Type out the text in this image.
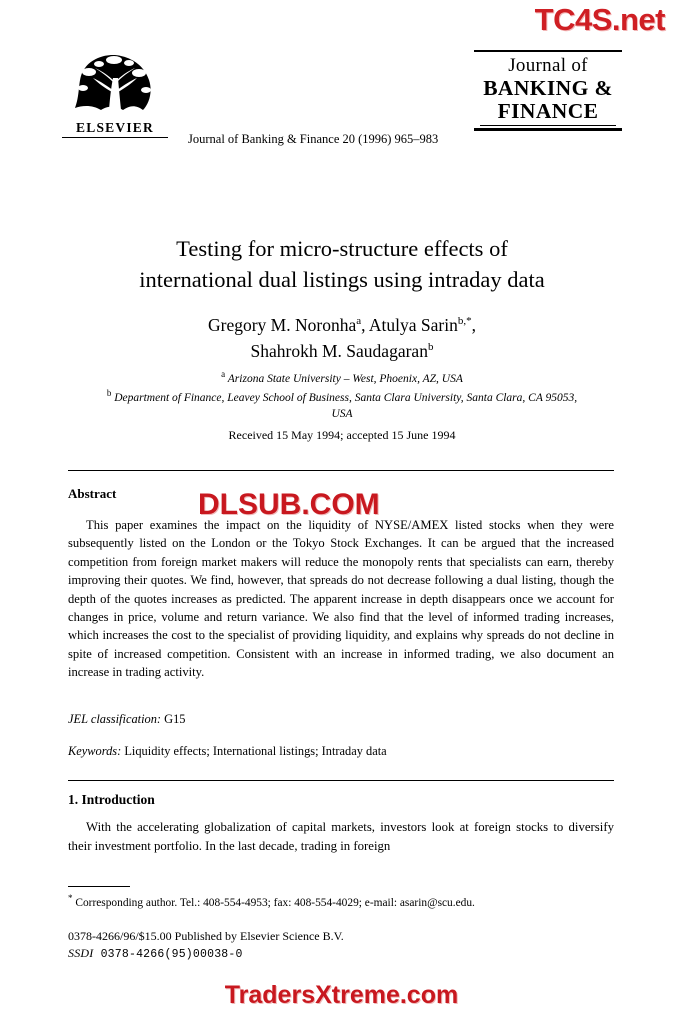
TC4S.net
ELSEVIER
Journal of Banking & Finance 20 (1996) 965–983
Journal of
BANKING &
FINANCE
Testing for micro-structure effects of
international dual listings using intraday data
Gregory M. Noronha$^a$, Atulya Sarin$^{b,*}$,
Shahrokh M. Saudagaran$^b$
$^a$ Arizona State University – West, Phoenix, AZ, USA
$^b$ Department of Finance, Leavey School of Business, Santa Clara University, Santa Clara, CA 95053,
USA
Received 15 May 1994; accepted 15 June 1994
Abstract
This paper examines the impact on the liquidity of NYSE/AMEX listed stocks when they were subsequently listed on the London or the Tokyo Stock Exchanges. It can be argued that the increased competition from foreign market makers will reduce the monopoly rents that specialists can earn, thereby improving their quotes. We find, however, that spreads do not decrease following a dual listing, though the depth of the quotes increases as predicted. The apparent increase in depth disappears once we account for changes in price, volume and return variance. We also find that the level of informed trading increases, which increases the cost to the specialist of providing liquidity, and explains why spreads do not decline in spite of increased competition. Consistent with an increase in informed trading, we also document an increase in trading activity.
JEL classification: G15
Keywords: Liquidity effects; International listings; Intraday data
1. Introduction
With the accelerating globalization of capital markets, investors look at foreign stocks to diversify their investment portfolio. In the last decade, trading in foreign
DLSUB.COM
* Corresponding author. Tel.: 408-554-4953; fax: 408-554-4029; e-mail: asarin@scu.edu.
0378-4266/96/$15.00 Published by Elsevier Science B.V.
SSDI 0378-4266(95)00038-0
TradersXtreme.com
